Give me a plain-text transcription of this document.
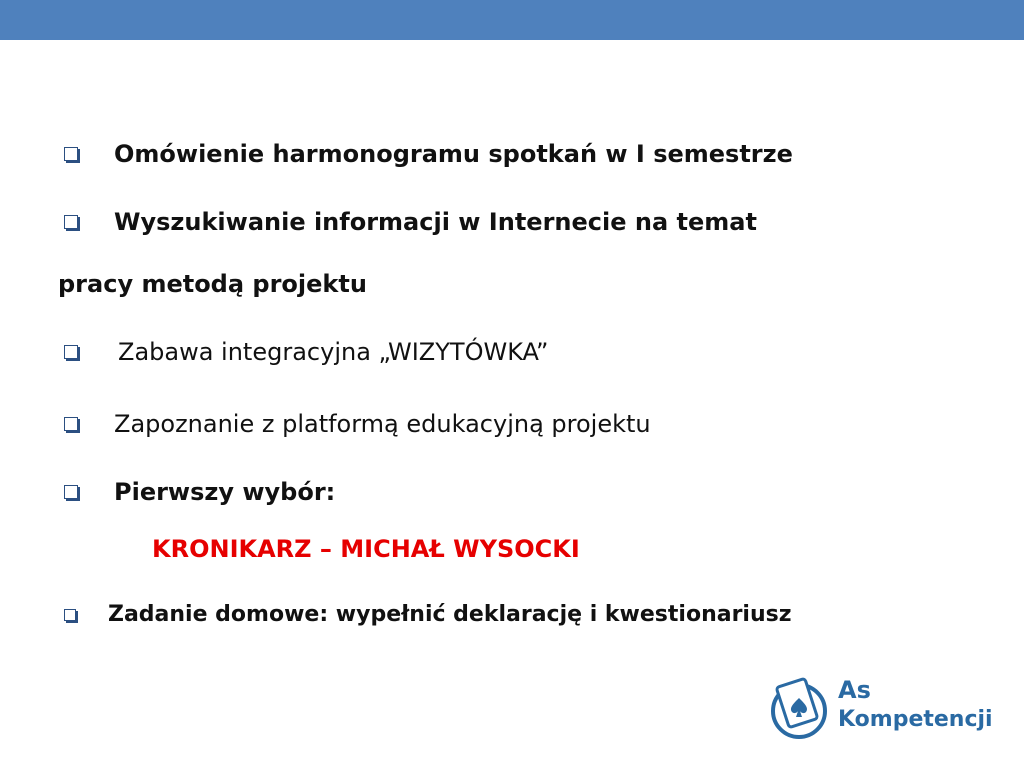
Omówienie harmonogramu spotkań w I semestrze
Wyszukiwanie informacji w Internecie na temat
pracy metodą projektu
Zabawa integracyjna „WIZYTÓWKA”
Zapoznanie z platformą edukacyjną projektu
Pierwszy wybór:
KRONIKARZ – MICHAŁ WYSOCKI
Zadanie domowe: wypełnić deklarację i kwestionariusz
As
Kompetencji
